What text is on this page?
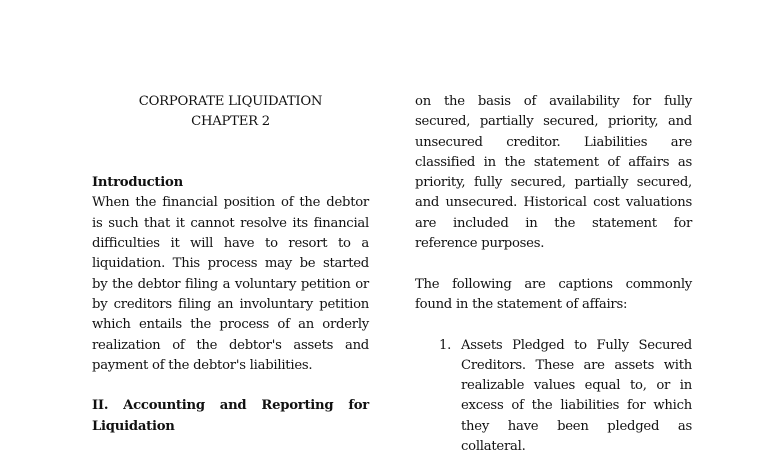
CORPORATE LIQUIDATION

CHAPTER 2

Introduction

When the financial position of the debtor is such that it cannot resolve its financial difficulties it will have to resort to a liquidation. This process may be started by the debtor filing a voluntary petition or by creditors filing an involuntary petition which entails the process of an orderly realization of the debtor's assets and payment of the debtor's liabilities.

II. Accounting and Reporting for Liquidation

on the basis of availability for fully secured, partially secured, priority, and unsecured creditor. Liabilities are classified in the statement of affairs as priority, fully secured, partially secured, and unsecured. Historical cost valuations are included in the statement for reference purposes.

The following are captions commonly found in the statement of affairs:

1. Assets Pledged to Fully Secured Creditors. These are assets with realizable values equal to, or in excess of the liabilities for which they have been pledged as collateral.
